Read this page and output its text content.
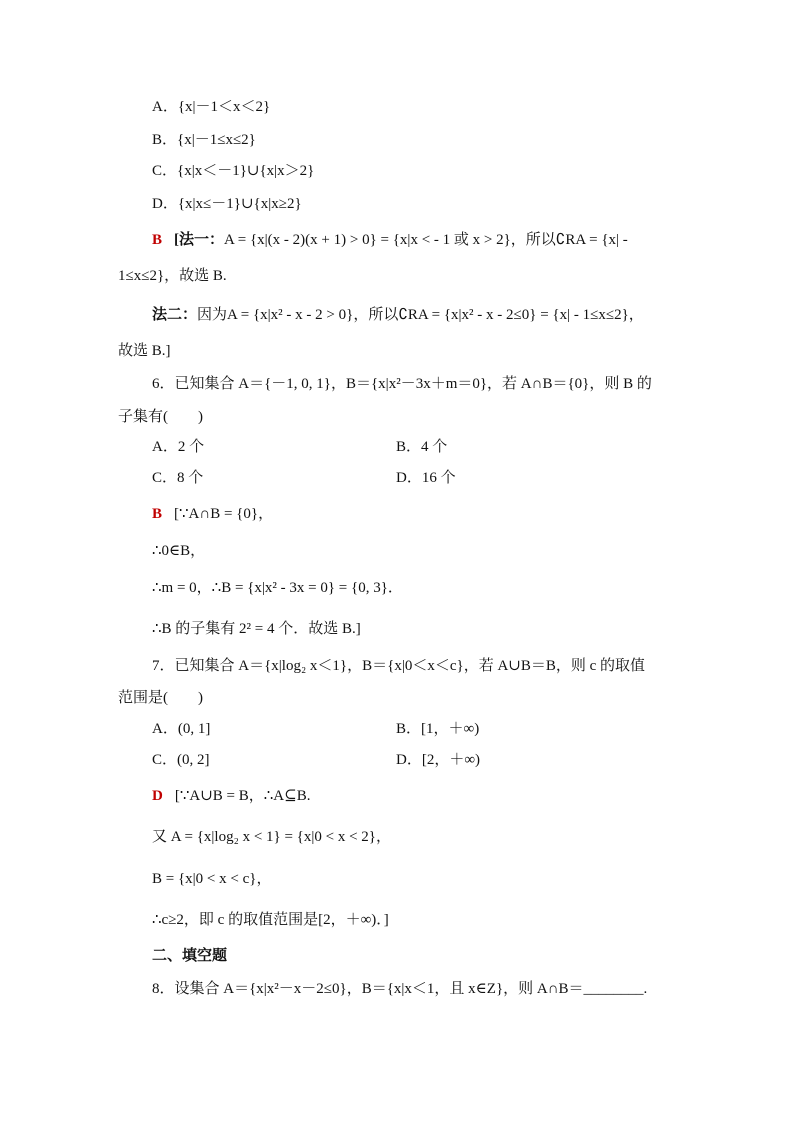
A．{x|－1＜x＜2}
B．{x|－1≤x≤2}
C．{x|x＜－1}∪{x|x＞2}
D．{x|x≤－1}∪{x|x≥2}
B [法一：A = {x|(x - 2)(x + 1) > 0} = {x|x < - 1 或 x > 2}，所以∁RA = {x| -
1≤x≤2}，故选 B.
法二：因为A = {x|x² - x - 2 > 0}，所以∁RA = {x|x² - x - 2≤0} = {x| - 1≤x≤2}，
故选 B.]
6．已知集合 A＝{－1, 0, 1}，B＝{x|x²－3x＋m＝0}，若 A∩B＝{0}，则 B 的
子集有(　　)
A．2 个	B．4 个
C．8 个	D．16 个
B [∵A∩B = {0}，
∴0∈B，
∴m = 0，∴B = {x|x² - 3x = 0} = {0, 3}．
∴B 的子集有 2² = 4 个．故选 B.]
7．已知集合 A＝{x|log₂ x＜1}，B＝{x|0＜x＜c}，若 A∪B＝B，则 c 的取值
范围是(　　)
A．(0, 1]	B．[1，＋∞)
C．(0, 2]	D．[2，＋∞)
D [∵A∪B = B，∴A⊆B.
又 A = {x|log₂ x < 1} = {x|0 < x < 2}，
B = {x|0 < x < c}，
∴c≥2，即 c 的取值范围是[2，＋∞)．]
二、填空题
8．设集合 A＝{x|x²－x－2≤0}，B＝{x|x＜1，且 x∈Z}，则 A∩B＝________.
